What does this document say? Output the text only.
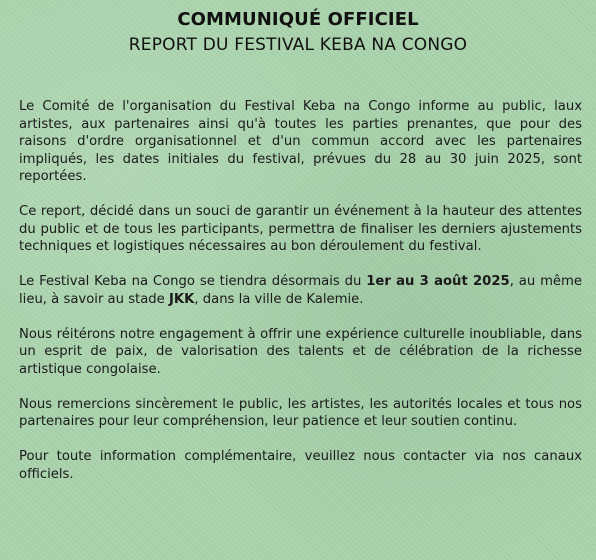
COMMUNIQUÉ OFFICIEL
REPORT DU FESTIVAL KEBA NA CONGO

Le Comité de l'organisation du Festival Keba na Congo informe au public, laux artistes, aux partenaires ainsi qu'à toutes les parties prenantes, que pour des raisons d'ordre organisationnel et d'un commun accord avec les partenaires impliqués, les dates initiales du festival, prévues du 28 au 30 juin 2025, sont reportées.

Ce report, décidé dans un souci de garantir un événement à la hauteur des attentes du public et de tous les participants, permettra de finaliser les derniers ajustements techniques et logistiques nécessaires au bon déroulement du festival.

Le Festival Keba na Congo se tiendra désormais du 1er au 3 août 2025, au même lieu, à savoir au stade JKK, dans la ville de Kalemie.

Nous réitérons notre engagement à offrir une expérience culturelle inoubliable, dans un esprit de paix, de valorisation des talents et de célébration de la richesse artistique congolaise.

Nous remercions sincèrement le public, les artistes, les autorités locales et tous nos partenaires pour leur compréhension, leur patience et leur soutien continu.

Pour toute information complémentaire, veuillez nous contacter via nos canaux officiels.
